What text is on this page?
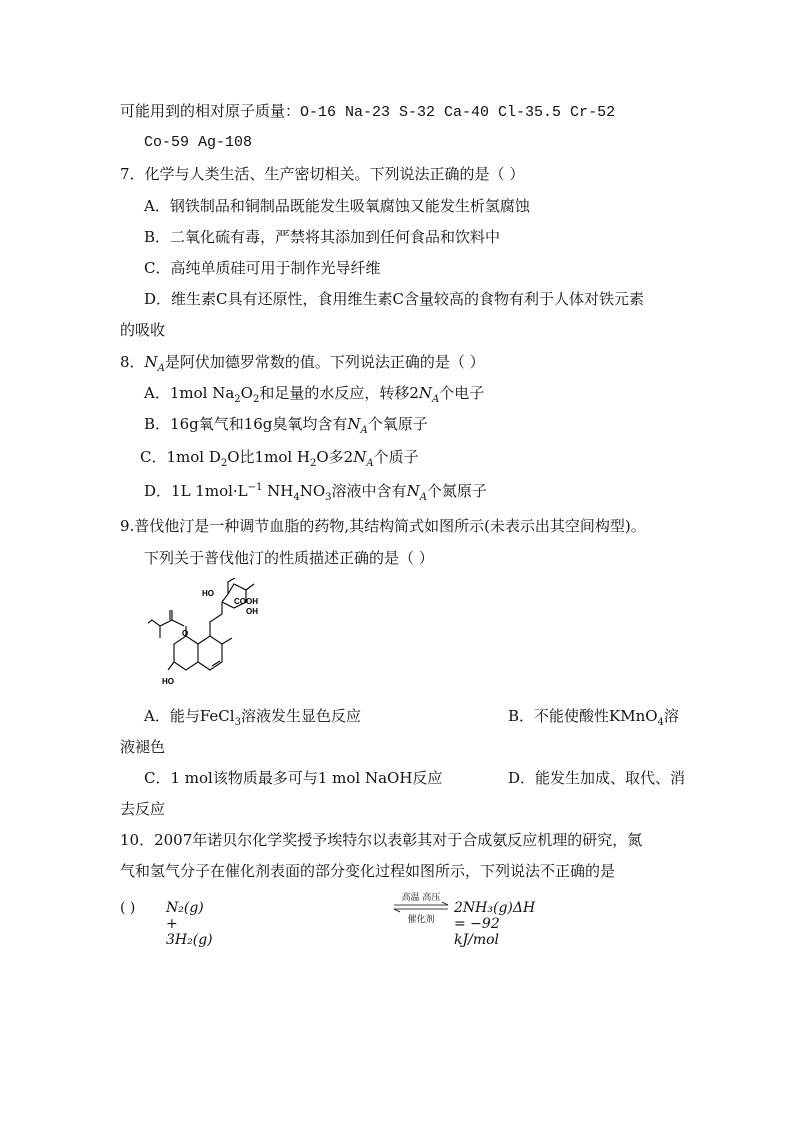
可能用到的相对原子质量：O-16 Na-23 S-32 Ca-40 Cl-35.5 Cr-52
Co-59 Ag-108
7．化学与人类生活、生产密切相关。下列说法正确的是（ ）
A．钢铁制品和铜制品既能发生吸氧腐蚀又能发生析氢腐蚀
B．二氧化硫有毒，严禁将其添加到任何食品和饮料中
C．高纯单质硅可用于制作光导纤维
D．维生素C具有还原性，食用维生素C含量较高的食物有利于人体对铁元素
的吸收
8．$N_A$是阿伏加德罗常数的值。下列说法正确的是（ ）
A．1mol $Na_2O_2$和足量的水反应，转移$2N_A$个电子
B．16g氧气和16g臭氧均含有$N_A$个氧原子
C．1mol $D_2O$比1mol $H_2O$多$2N_A$个质子
D．1L $1mol\cdot L^{-1}$ $NH_4NO_3$溶液中含有$N_A$个氮原子
9.普伐他汀是一种调节血脂的药物,其结构简式如图所示(未表示出其空间构型)。
下列关于普伐他汀的性质描述正确的是（ ）
HO
COOH
OH
O
HO
A．能与FeCl$_3$溶液发生显色反应	B．不能使酸性KMnO$_4$溶
液褪色
C．1 mol该物质最多可与1 mol NaOH反应	D．能发生加成、取代、消
去反应
10．2007年诺贝尔化学奖授予埃特尔以表彰其对于合成氨反应机理的研究，氮
气和氢气分子在催化剂表面的部分变化过程如图所示，下列说法不正确的是
( )	N₂(g) + 3H₂(g)
高温 高压
催化剂
2NH₃(g)ΔH = −92 kJ/mol
